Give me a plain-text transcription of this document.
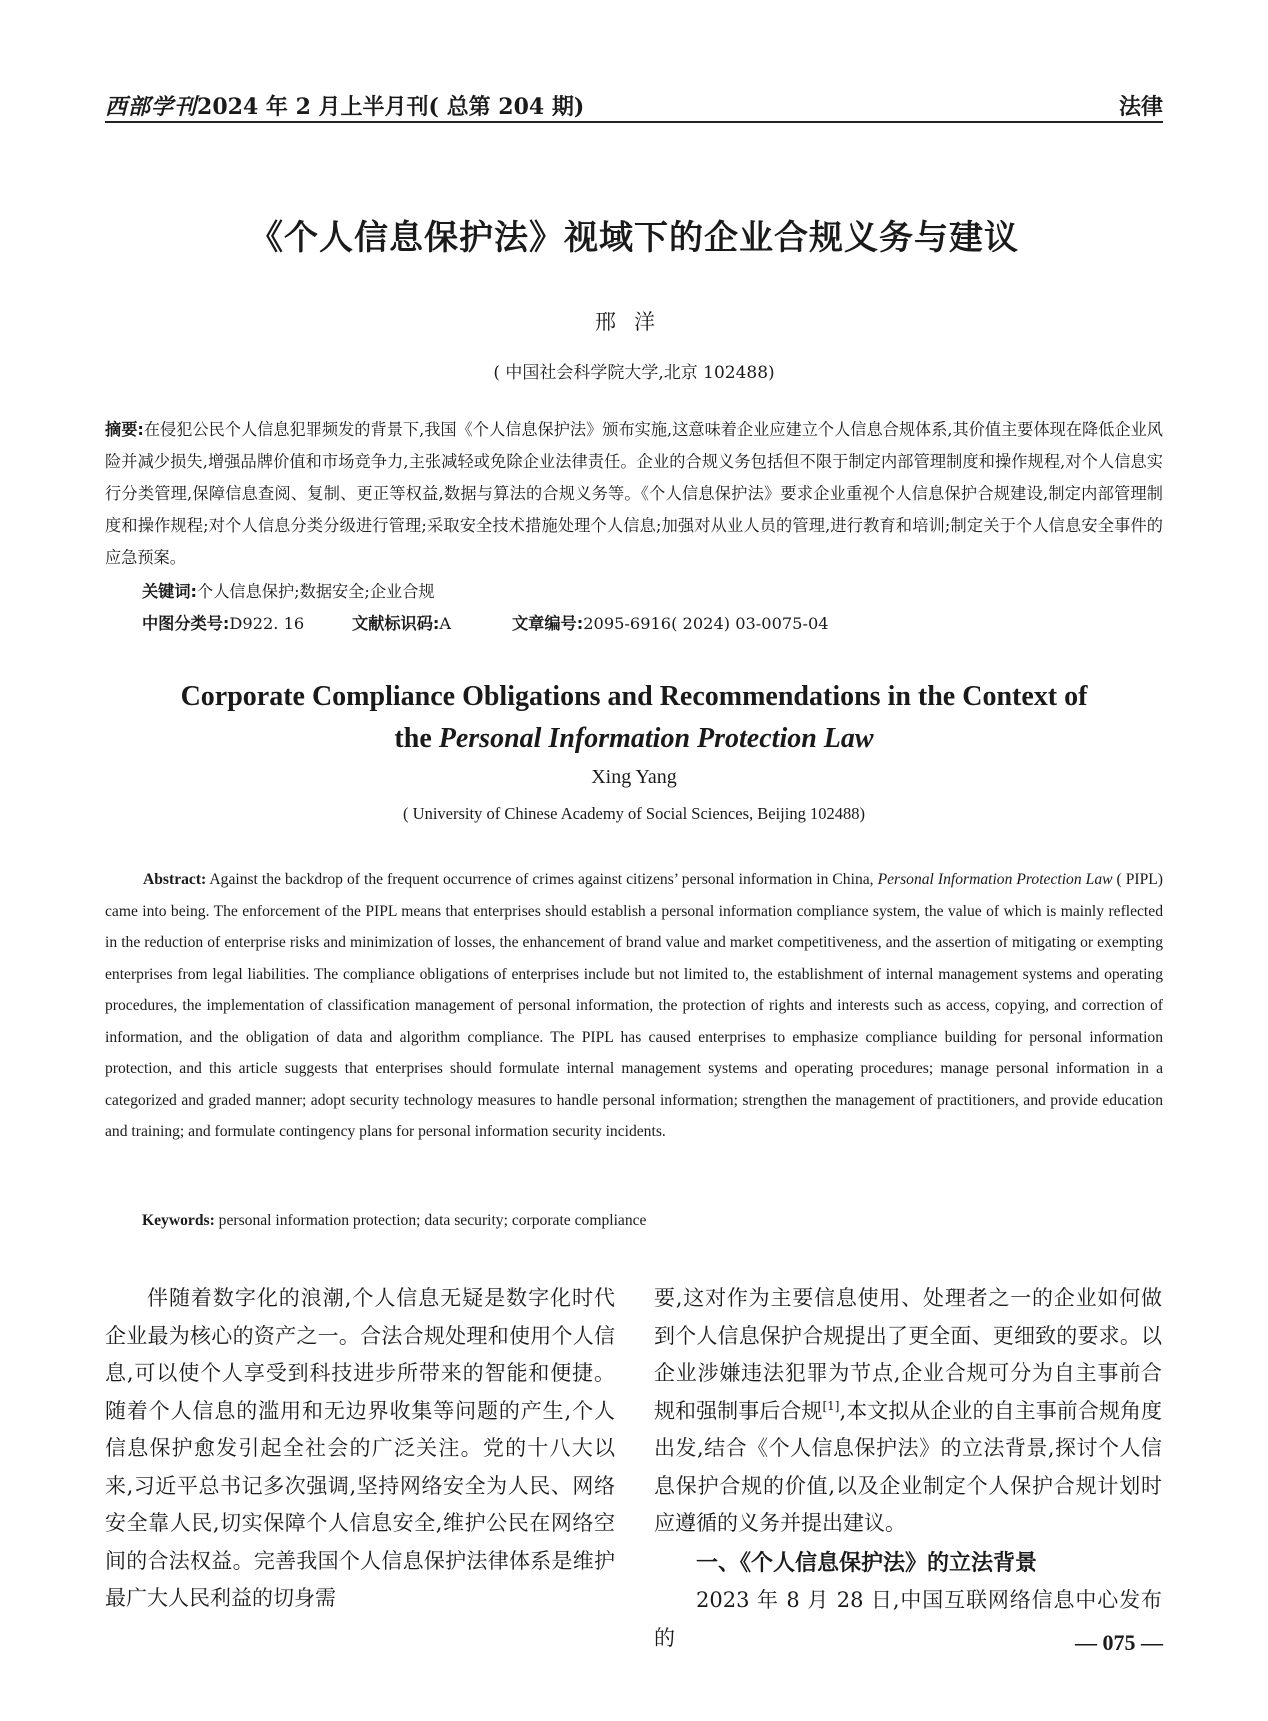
西部学刊2024 年 2 月上半月刊( 总第 204 期)	法律
《个人信息保护法》视域下的企业合规义务与建议
邢洋
( 中国社会科学院大学,北京 102488)
摘要:在侵犯公民个人信息犯罪频发的背景下,我国《个人信息保护法》颁布实施,这意味着企业应建立个人信息合规体系,其价值主要体现在降低企业风险并减少损失,增强品牌价值和市场竞争力,主张减轻或免除企业法律责任。企业的合规义务包括但不限于制定内部管理制度和操作规程,对个人信息实行分类管理,保障信息查阅、复制、更正等权益,数据与算法的合规义务等。《个人信息保护法》要求企业重视个人信息保护合规建设,制定内部管理制度和操作规程;对个人信息分类分级进行管理;采取安全技术措施处理个人信息;加强对从业人员的管理,进行教育和培训;制定关于个人信息安全事件的应急预案。
关键词:个人信息保护;数据安全;企业合规
中图分类号:D922. 16	文献标识码:A	文章编号:2095-6916( 2024) 03-0075-04
Corporate Compliance Obligations and Recommendations in the Context of
the Personal Information Protection Law
Xing Yang
( University of Chinese Academy of Social Sciences, Beijing 102488)
Abstract: Against the backdrop of the frequent occurrence of crimes against citizens’ personal information in China, Personal Information Protection Law ( PIPL) came into being. The enforcement of the PIPL means that enterprises should establish a personal information compliance system, the value of which is mainly reflected in the reduction of enterprise risks and minimization of losses, the enhancement of brand value and market competitiveness, and the assertion of mitigating or exempting enterprises from legal liabilities. The compliance obligations of enterprises include but not limited to, the establishment of internal management systems and operating procedures, the implementation of classification management of personal information, the protection of rights and interests such as access, copying, and correction of information, and the obligation of data and algorithm compliance. The PIPL has caused enterprises to emphasize compliance building for personal information protection, and this article suggests that enterprises should formulate internal management systems and operating procedures; manage personal information in a categorized and graded manner; adopt security technology measures to handle personal information; strengthen the management of practitioners, and provide education and training; and formulate contingency plans for personal information security incidents.
Keywords: personal information protection; data security; corporate compliance
伴随着数字化的浪潮,个人信息无疑是数字化时代企业最为核心的资产之一。合法合规处理和使用个人信息,可以使个人享受到科技进步所带来的智能和便捷。随着个人信息的滥用和无边界收集等问题的产生,个人信息保护愈发引起全社会的广泛关注。党的十八大以来,习近平总书记多次强调,坚持网络安全为人民、网络安全靠人民,切实保障个人信息安全,维护公民在网络空间的合法权益。完善我国个人信息保护法律体系是维护最广大人民利益的切身需
要,这对作为主要信息使用、处理者之一的企业如何做到个人信息保护合规提出了更全面、更细致的要求。以企业涉嫌违法犯罪为节点,企业合规可分为自主事前合规和强制事后合规[1],本文拟从企业的自主事前合规角度出发,结合《个人信息保护法》的立法背景,探讨个人信息保护合规的价值,以及企业制定个人保护合规计划时应遵循的义务并提出建议。
一、《个人信息保护法》的立法背景
2023 年 8 月 28 日,中国互联网络信息中心发布的	— 075 —
